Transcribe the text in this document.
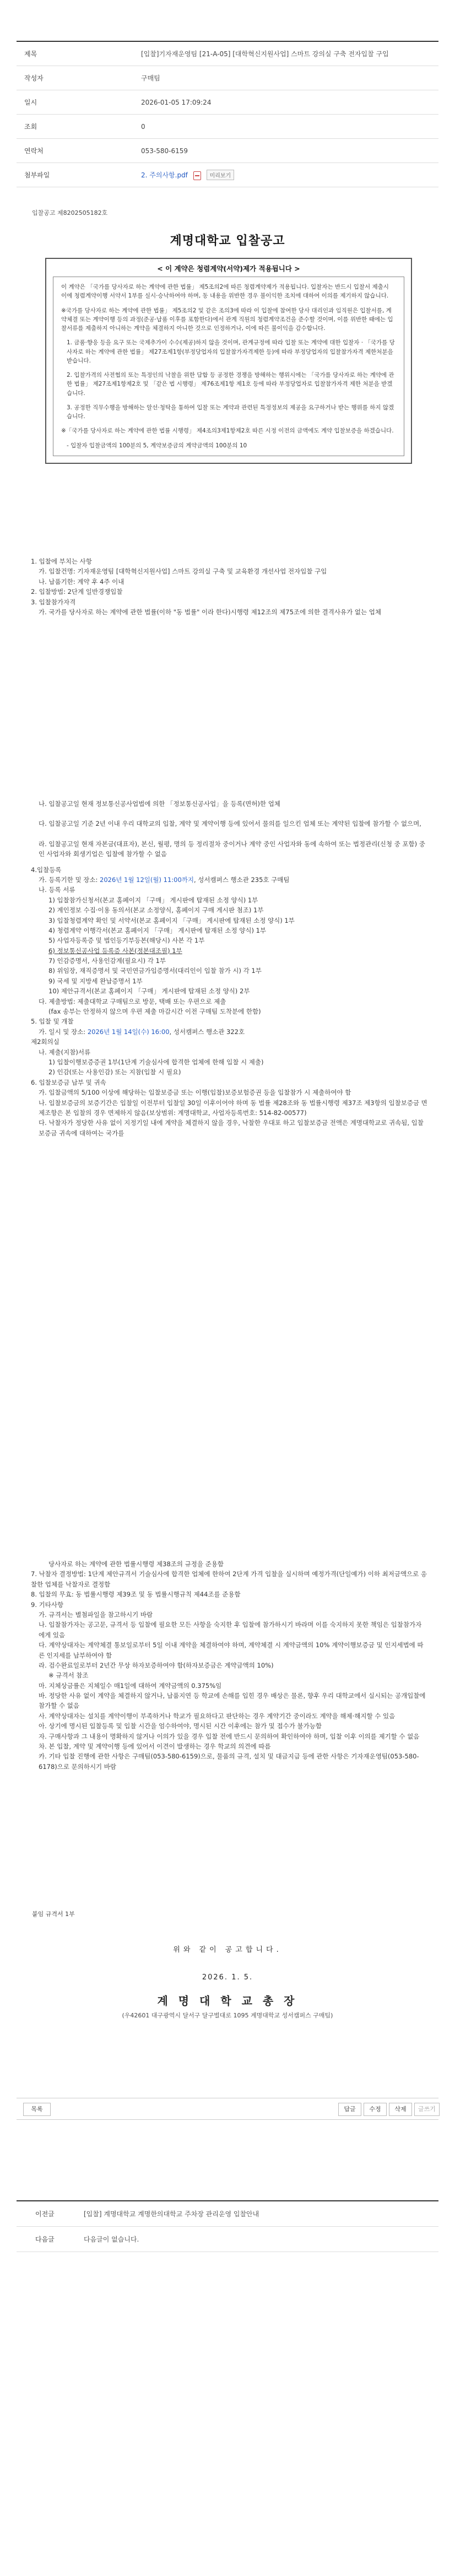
제목	[입찰]기자재운영팀 [21-A-05] [대학혁신지원사업] 스마트 강의실 구축 전자입찰 구입
작성자	구매팀
일시	2026-01-05 17:09:24
조회	0
연락처	053-580-6159
첨부파일	2. 주의사항.pdf	미리보기
입찰공고 제8202505182호
계명대학교 입찰공고
< 이 계약은 청렴계약(서약)제가 적용됩니다 >

이 계약은 「국가를 당사자로 하는 계약에 관한 법률」 제5조의2에 따른 청렴계약제가 적용됩니다. 입찰자는 반드시 입찰서 제출시 이에 청렴계약이행 서약서 1부를 실시·승낙하여야 하며, 동 내용을 위반한 경우 불이익한 조치에 대하여 이의를 제기하지 않습니다.

※국가를 당사자로 하는 계약에 관한 법률」 제5조의2 및 같은 조의3에 따라 이 입찰에 참여한 당사 대리인과 임직원은 입찰서를, 계약체결 또는 계약이행 등의 과정(준공·납품 이후를 포함한다)에서 관계 직원의 청렴계약조건을 준수할 것이며, 이를 위반한 때에는 입찰서류를 제출하지 아니하는 계약을 체결하지 아니한 것으로 인정하거나, 이에 따른 불이익을 감수합니다.

1. 금품·향응 등을 요구 또는 국제추가이 수수(제공)하지 않을 것이며, 관계규정에 따라 입찰 또는 계약에 대한 입찰자 · 「국가를 당사자로 하는 계약에 관한 법률」 제27조제1항(부정당업자의 입찰참가자격제한 등)에 따라 부정당업자의 입찰참가자격 제한처분을 받습니다.

2. 입찰가격의 사전협의 또는 특정인의 낙찰을 위한 담합 등 공정한 경쟁을 방해하는 행위시에는 「국가를 당사자로 하는 계약에 관한 법률」 제27조제1항제2호 및 「같은 법 시행령」 제76조제1항 제1호 등에 따라 부정당업자로 입찰참가자격 제한 처분을 받겠습니다.

3. 공정한 직무수행을 방해하는 알선·청탁을 통하여 입찰 또는 계약과 관련된 특정정보의 제공을 요구하거나 받는 행위를 하지 않겠습니다.

※「국가를 당사자로 하는 계약에 관한 법률 시행령」 제4조의3제1항제2호 따른 시정 이전의 금액에도 계약 입찰보증을 하겠습니다.

- 입찰자 입찰금액의 100분의 5, 계약보증금의 계약금액의 100분의 10

1. 입찰에 부치는 사항

가. 입찰건명: 기자재운영팀 [대학혁신지원사업] 스마트 강의실 구축 및 교육환경 개선사업 전자입찰 구입

나. 납품기한: 계약 후 4주 이내

2. 입찰방법: 2단계 일반경쟁입찰

3. 입찰참가자격

가. 국가를 당사자로 하는 계약에 관한 법률(이하 "동 법률" 이라 한다)시행령 제12조의 제75조에 의한 결격사유가 없는 업체

나. 입찰공고일 현재 정보통신공사업법에 의한 「정보통신공사업」을 등록(면허)한 업체

다. 입찰공고일 기준 2년 이내 우리 대학교의 입찰, 계약 및 계약이행 등에 있어서 물의를 일으킨 업체 또는 계약된 입찰에 참가할 수 없으며,

라. 입찰공고일 현재 자본금(대표자), 본신, 월평, 명의 등 정리절차 중이거나 계약 중인 사업자와 동에 속하여 또는 법정관리(신청 중 포함) 중인 사업자와 회생기업은 입찰에 참가할 수 없음

4.입찰등록

가. 등록기한 및 장소: 2026년 1월 12일(월) 11:00까지, 성서캠퍼스 행소관 235호 구매팀

나. 등록 서류

1) 입찰참가신청서(본교 홈페이지 「구매」 게시판에 탑재된 소정 양식) 1부

2) 계인정보 수집·이용 동의서(본교 소정양식, 홈페이지 구매 게시판 첨조) 1부

3) 입찰청렴계약 확인 및 서약서(본교 홈페이지 「구매」 게시판에 탑재된 소정 양식) 1부

4) 청렴계약 이행각서(본교 홈페이지 「구매」 게시판에 탑재된 소정 양식) 1부

5) 사업자등록증 및 법인등기부등본(해당시) 사본 각 1부

6) 정보통신공사업 등록증 사본(정본대조필) 1부

7) 인감증명서, 사용인감계(필요시) 각 1부

8) 위임장, 재직증명서 및 국민연금가입증명서(대리인이 입찰 참가 시) 각 1부

9) 국세 및 지방세 완납증명서 1부

10) 제안규격서(본교 홈페이지 「구매」 게시판에 탑재된 소정 양식) 2부

다. 제출방법: 제출대학교 구매팀으로 방문, 택배 또는 우편으로 제출

(fax 송부는 안정하지 않으며 우편 제출 마감시간 이전 구매팀 도착분에 한함)

5. 입찰 및 개찰

가. 일시 및 장소: 2026년 1월 14일(수) 16:00, 성서캠퍼스 행소관 322호

제2회의실

나. 제출(지참)서류

1) 입찰이행보증증권 1부(1단계 기술심사에 합격한 업체에 한해 입찰 시 제출)

2) 인감(또는 사용인감) 또는 지참(입찰 시 필요)

6. 입찰보증금 납부 및 귀속

가. 입찰금액의 5/100 이상에 해당하는 입찰보증금 또는 이행(입찰)보증보험증권 등을 입찰참가 시 제출하여야 함

나. 입찰보증금의 보증기간은 입찰일 이전부터 입찰일 30일 이후이어야 하며 동 법률 제28조와 동 법률시행령 제37조 제3항의 입찰보증금 면제조항은 본 입찰의 경우 면제하지 않음(보상범위: 계명대학교, 사업자등록번호: 514-82-00577)

다. 낙찰자가 정당한 사유 없이 지정기일 내에 계약을 체결하지 않을 경우, 낙찰한 우대포 하고 입찰보증금 전액은 계명대학교로 귀속됨, 입찰보증금 귀속에 대하여는 국가를

당사자로 하는 계약에 관한 법률시행령 제38조의 규정을 준용함

7. 낙찰자 결정방법: 1단계 제안규격서 기술심사에 합격한 업체에 한하여 2단계 가격 입찰을 실시하며 예정가격(단일예가) 이하 최저금액으로 응찰한 업체를 낙찰자로 결정함

8. 입찰의 무효: 동 법률시행령 제39조 및 동 법률시행규칙 제44조를 준용함

9. 기타사항

가. 규격서는 별첨파일을 참고하시기 바람

나. 입찰참가자는 공고문, 규격서 등 입찰에 필요한 모든 사항을 숙지한 후 입찰에 참가하시기 바라며 이를 숙지하지 못한 책임은 입찰참가자에게 있음

다. 계약상대자는 계약체결 통보일로부터 5일 이내 계약을 체결하여야 하며, 계약체결 시 계약금액의 10% 계약이행보증금 및 인지세법에 따른 인지세를 납부하여야 함

라. 검수완료일로부터 2년간 무상 하자보증하여야 함(하자보증금은 계약금액의 10%)

※ 규격서 참조

마. 지체상금률은 지체일수 매1일에 대하여 계약금액의 0.375%임

바. 정당한 사유 없이 계약을 체결하지 않거나, 납품지연 등 학교에 손해를 입힌 경우 배상은 물론, 향후 우리 대학교에서 실시되는 공개입찰에 참가할 수 없음

사. 계약상대자는 설치를 계약이행이 부족하거나 학교가 필요하다고 판단하는 경우 계약기간 중이라도 계약을 해제·해지할 수 있음

아. 상기에 명시된 입찰등록 및 입찰 시간을 엄수하여야, 명시된 시간 이후에는 참가 및 접수가 불가능함

자. 구매사항과 그 내용이 명확하지 않거나 이의가 있을 경우 입찰 전에 반드시 문의하여 확인하여야 하며, 입찰 이후 이의를 제기할 수 없음

차. 본 입찰, 계약 및 계약이행 등에 있어서 이견이 발생하는 경우 학교의 의견에 따름

카. 기타 입찰 진행에 관한 사항은 구매팀(053-580-6159)으로, 물품의 규격, 설치 및 대금지급 등에 관한 사항은 기자재운영팀(053-580-6178)으로 문의하시기 바람

붙임 규격서 1부
위와 같이 공고합니다.
2026. 1. 5.
계 명 대 학 교 총 장
(우42601 대구광역시 달서구 달구벌대로 1095 계명대학교 성서캠퍼스 구매팀)
목록	답글	수정	삭제	글쓰기
이전글	[입찰] 계명대학교 계명한의대학교 주차장 관리운영 입찰안내
다음글	다음글이 없습니다.
